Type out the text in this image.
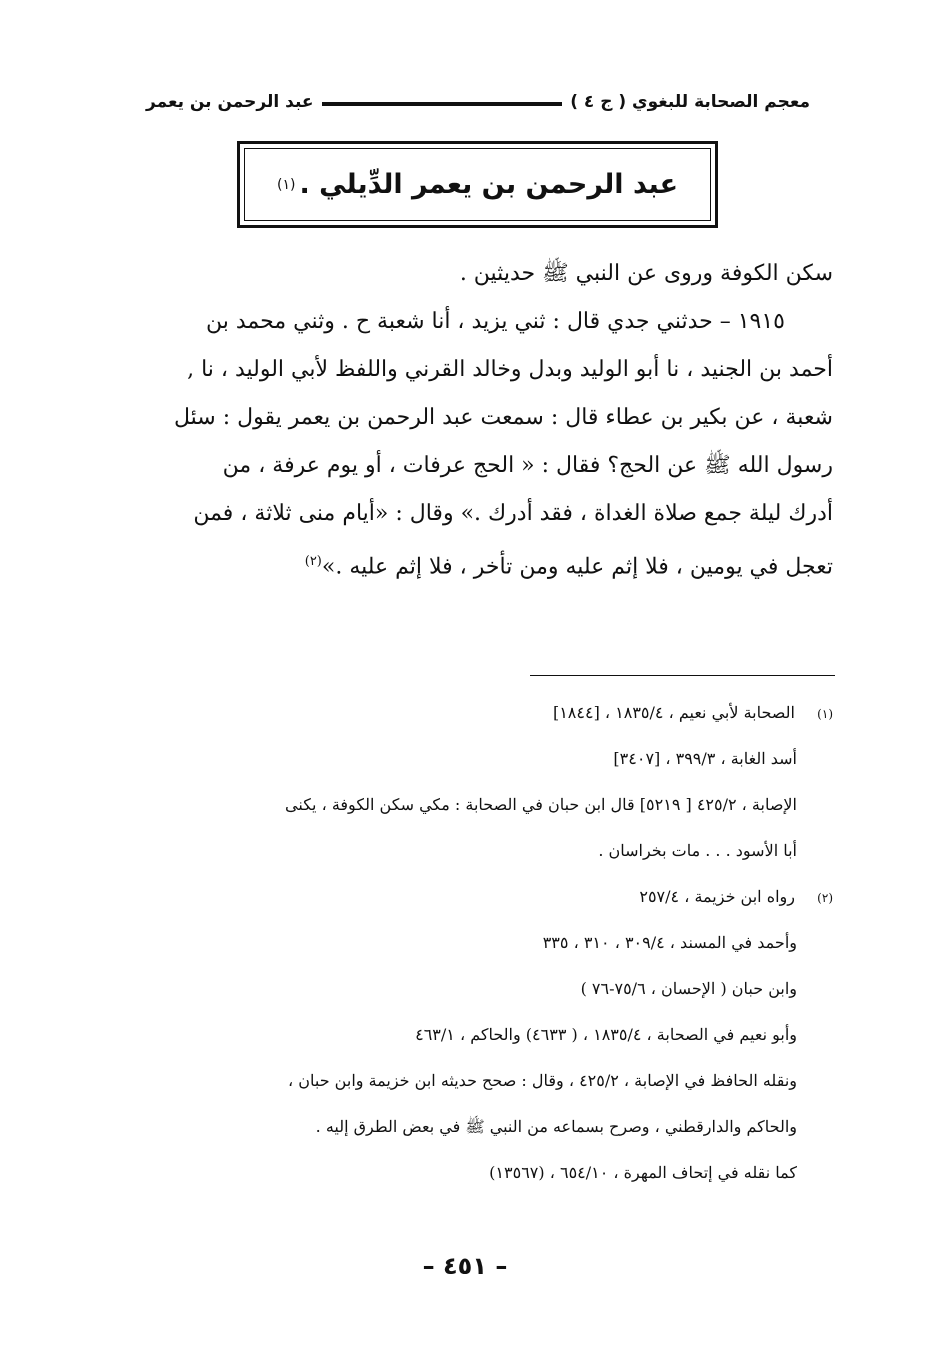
معجم الصحابة للبغوي ( ج ٤ )
عبد الرحمن بن يعمر
عبد الرحمن بن يعمر الدِّيلي .
(١)

سكن الكوفة وروى عن النبي ﷺ حديثين .

١٩١٥ – حدثني جدي قال : ثني يزيد ، أنا شعبة ح . وثني محمد بن

أحمد بن الجنيد ، نا أبو الوليد وبدل وخالد القرني واللفظ لأبي الوليد ، نا ,

شعبة ، عن بكير بن عطاء قال : سمعت عبد الرحمن بن يعمر يقول : سئل

رسول الله ﷺ عن الحج؟ فقال : « الحج عرفات ، أو يوم عرفة ، من

أدرك ليلة جمع صلاة الغداة ، فقد أدرك .» وقال : «أيام منى ثلاثة ، فمن

تعجل في يومين ، فلا إثم عليه ومن تأخر ، فلا إثم عليه .»$^{(٢)}$

(١)الصحابة لأبي نعيم ، ١٨٣٥/٤ ، [١٨٤٤]
أسد الغابة ، ٣٩٩/٣ ، [٣٤٠٧]
الإصابة ، ٤٢٥/٢ [ ٥٢١٩] قال ابن حبان في الصحابة : مكي سكن الكوفة ، يكنى
أبا الأسود . . . مات بخراسان .
(٢)رواه ابن خزيمة ، ٢٥٧/٤
وأحمد في المسند ، ٣٠٩/٤ ، ٣١٠ ، ٣٣٥
وابن حبان ( الإحسان ، ٧٥/٦-٧٦ )
وأبو نعيم في الصحابة ، ١٨٣٥/٤ ، ( ٤٦٣٣) والحاكم ، ٤٦٣/١
ونقله الحافظ في الإصابة ، ٤٢٥/٢ ، وقال : صحح حديثه ابن خزيمة وابن حبان ،
والحاكم والدارقطني ، وصرح بسماعه من النبي ﷺ في بعض الطرق إليه .
كما نقله في إتحاف المهرة ، ٦٥٤/١٠ ، (١٣٥٦٧)
– ٤٥١ –
